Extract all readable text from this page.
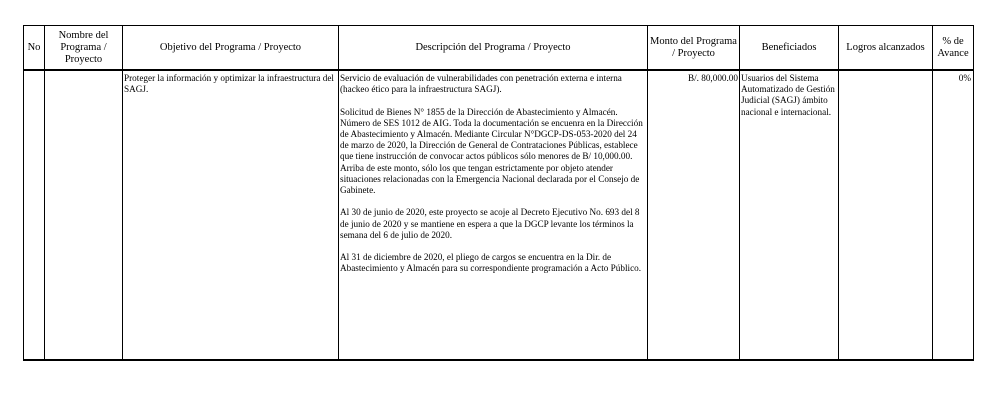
No	Nombre del Programa / Proyecto	Objetivo del Programa / Proyecto	Descripción del Programa / Proyecto	Monto del Programa / Proyecto	Beneficiados	Logros alcanzados	% de Avance

		Proteger la información y optimizar la infraestructura del SAGJ.	Servicio de evaluación de vulnerabilidades con penetración externa e interna (hackeo ético para la infraestructura SAGJ).

Solicitud de Bienes N° 1855 de la Dirección de Abastecimiento y Almacén. Número de SES 1012 de AIG. Toda la documentación se encuenra en la Dirección de Abastecimiento y Almacén. Mediante Circular N°DGCP-DS-053-2020 del 24 de marzo de 2020, la Dirección de General de Contrataciones Públicas, establece que tiene instrucción de convocar actos públicos sólo menores de B/ 10,000.00. Arriba de este monto, sólo los que tengan estrictamente por objeto atender situaciones relacionadas con la Emergencia Nacional declarada por el Consejo de Gabinete.

Al 30 de junio de 2020, este proyecto se acoje al Decreto Ejecutivo No. 693 del 8 de junio de 2020 y se mantiene en espera a que la DGCP levante los términos la semana del 6 de julio de 2020.

Al 31 de diciembre de 2020, el pliego de cargos se encuentra en la Dir. de Abastecimiento y Almacén para su correspondiente programación a Acto Público.	B/. 80,000.00	Usuarios del Sistema Automatizado de Gestión Judicial (SAGJ) ámbito nacional e internacional.		0%
